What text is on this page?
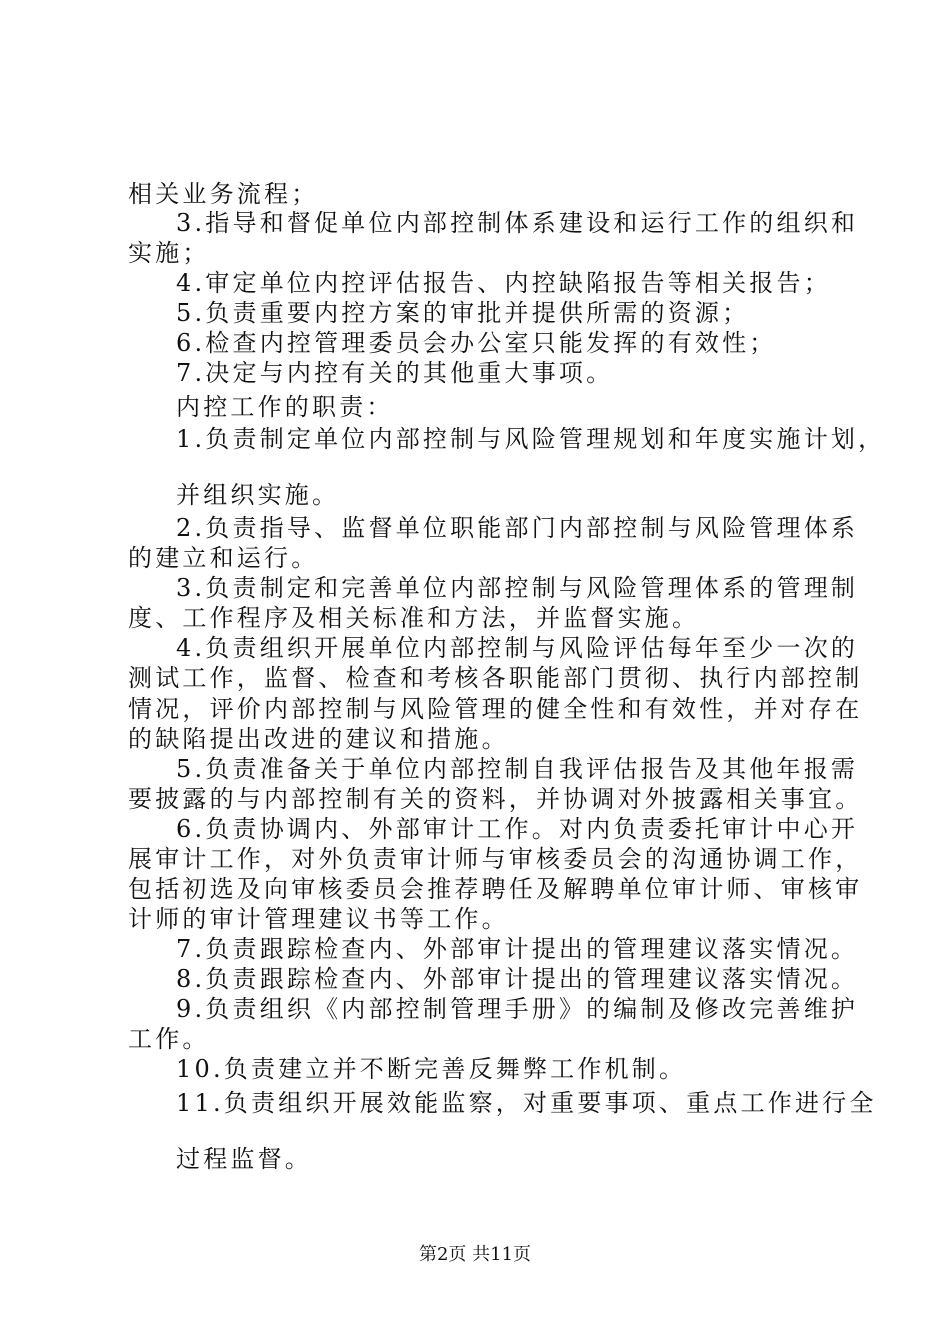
相关业务流程；
3.指导和督促单位内部控制体系建设和运行工作的组织和
实施；
4.审定单位内控评估报告、内控缺陷报告等相关报告；
5.负责重要内控方案的审批并提供所需的资源；
6.检查内控管理委员会办公室只能发挥的有效性；
7.决定与内控有关的其他重大事项。
内控工作的职责：
1.负责制定单位内部控制与风险管理规划和年度实施计划，
并组织实施。
2.负责指导、监督单位职能部门内部控制与风险管理体系
的建立和运行。
3.负责制定和完善单位内部控制与风险管理体系的管理制
度、工作程序及相关标准和方法，并监督实施。
4.负责组织开展单位内部控制与风险评估每年至少一次的
测试工作，监督、检查和考核各职能部门贯彻、执行内部控制
情况，评价内部控制与风险管理的健全性和有效性，并对存在
的缺陷提出改进的建议和措施。
5.负责准备关于单位内部控制自我评估报告及其他年报需
要披露的与内部控制有关的资料，并协调对外披露相关事宜。
6.负责协调内、外部审计工作。对内负责委托审计中心开
展审计工作，对外负责审计师与审核委员会的沟通协调工作，
包括初选及向审核委员会推荐聘任及解聘单位审计师、审核审
计师的审计管理建议书等工作。
7.负责跟踪检查内、外部审计提出的管理建议落实情况。
8.负责跟踪检查内、外部审计提出的管理建议落实情况。
9.负责组织《内部控制管理手册》的编制及修改完善维护
工作。
10.负责建立并不断完善反舞弊工作机制。
11.负责组织开展效能监察，对重要事项、重点工作进行全
过程监督。
第2页 共11页
